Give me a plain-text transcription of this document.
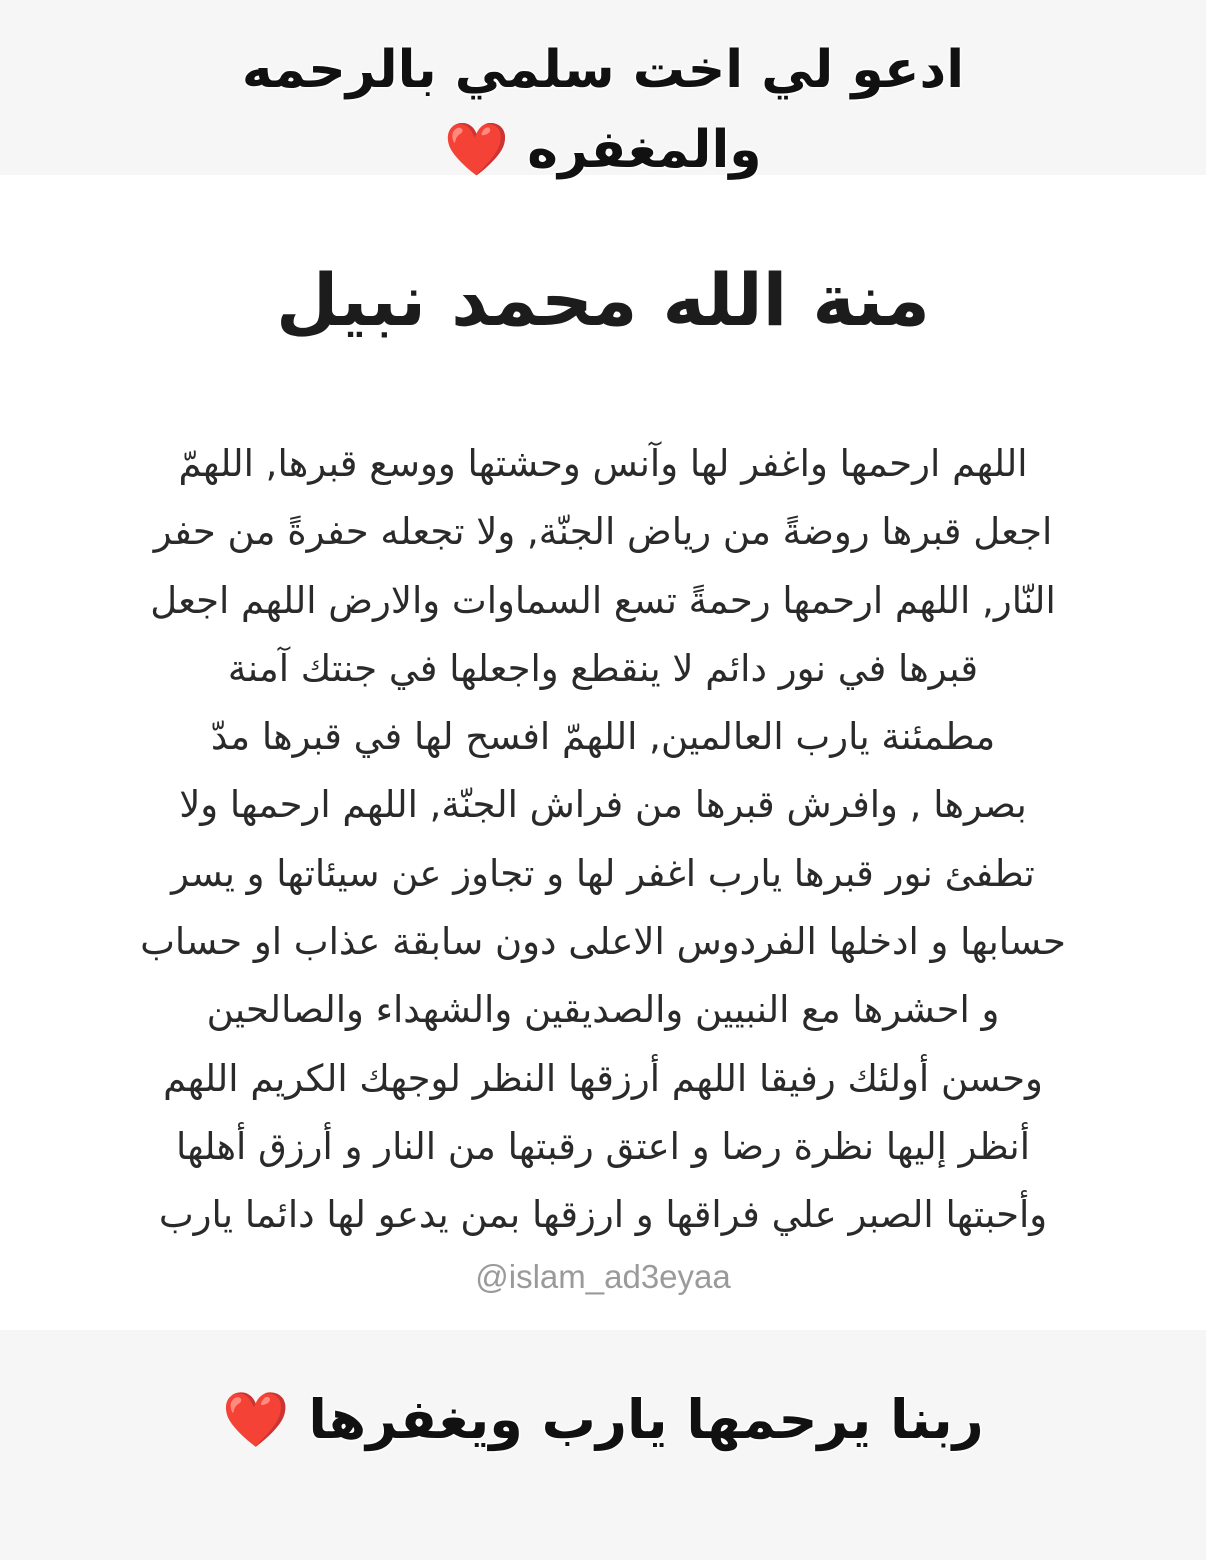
ادعو لي اخت سلمي بالرحمه
والمغفره ❤️
منة الله محمد نبيل
اللهم ارحمها واغفر لها وآنس وحشتها ووسع قبرها, اللهمّ
اجعل قبرها روضةً من رياض الجنّة, ولا تجعله حفرةً من حفر
النّار, اللهم ارحمها رحمةً تسع السماوات والارض اللهم اجعل
قبرها في نور دائم لا ينقطع واجعلها في جنتك آمنة
مطمئنة يارب العالمين, اللهمّ افسح لها في قبرها مدّ
بصرها , وافرش قبرها من فراش الجنّة, اللهم ارحمها ولا
تطفئ نور قبرها يارب اغفر لها و تجاوز عن سيئاتها و يسر
حسابها و ادخلها الفردوس الاعلى دون سابقة عذاب او حساب
و احشرها مع النبيين والصديقين والشهداء والصالحين
وحسن أولئك رفيقا اللهم أرزقها النظر لوجهك الكريم اللهم
أنظر إليها نظرة رضا و اعتق رقبتها من النار و أرزق أهلها
وأحبتها الصبر علي فراقها و ارزقها بمن يدعو لها دائما يارب
@islam_ad3eyaa
ربنا يرحمها يارب ويغفرها ❤️
